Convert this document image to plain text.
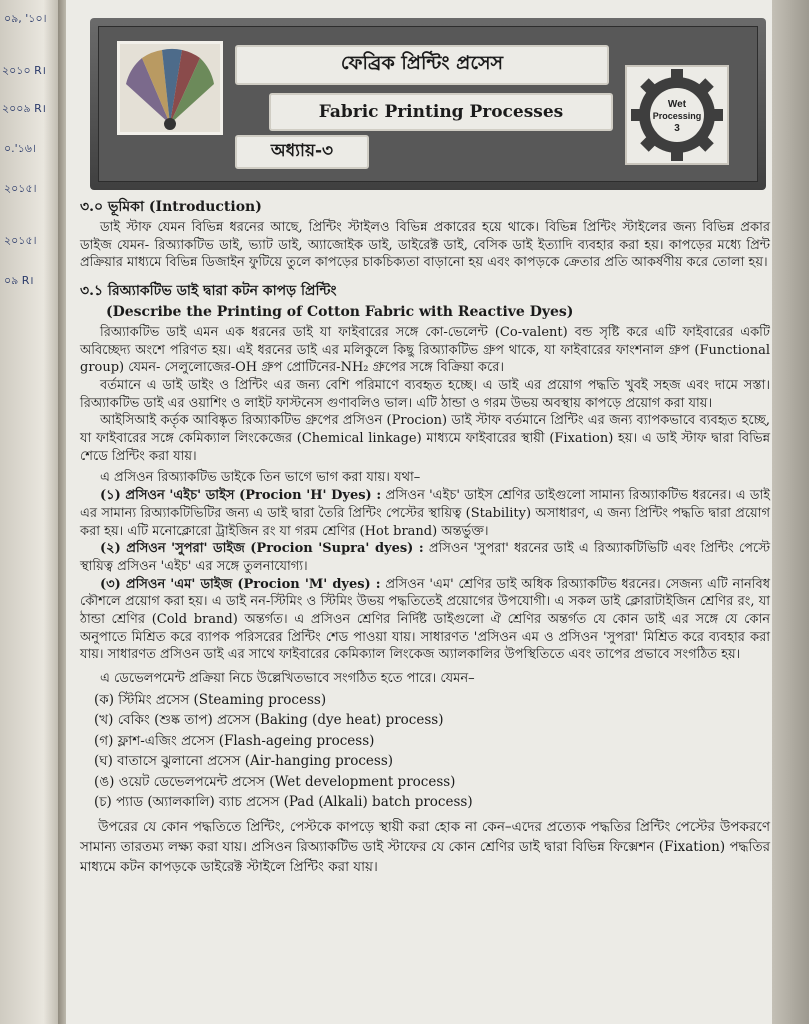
০৯, '১০।
২০১০ R।
২০০৯ R।
০.'১৬।
২০১৫।
২০১৫।
০৯ R।
ফেব্রিক প্রিন্টিং প্রসেস
Fabric Printing Processes
অধ্যায়-৩
Wet
Processing
3
৩.০ ভূমিকা (Introduction)

ডাই স্টাফ যেমন বিভিন্ন ধরনের আছে, প্রিন্টিং স্টাইলও বিভিন্ন প্রকারের হয়ে থাকে। বিভিন্ন প্রিন্টিং স্টাইলের জন্য বিভিন্ন প্রকার ডাইজ যেমন- রিঅ্যাকটিভ ডাই, ভ্যাট ডাই, অ্যাজোইক ডাই, ডাইরেক্ট ডাই, বেসিক ডাই ইত্যাদি ব্যবহার করা হয়। কাপড়ের মধ্যে প্রিন্ট প্রক্রিয়ার মাধ্যমে বিভিন্ন ডিজাইন ফুটিয়ে তুলে কাপড়ের চাকচিক্যতা বাড়ানো হয় এবং কাপড়কে ক্রেতার প্রতি আকর্ষণীয় করে তোলা হয়।

৩.১ রিঅ্যাকটিভ ডাই দ্বারা কটন কাপড় প্রিন্টিং
(Describe the Printing of Cotton Fabric with Reactive Dyes)

রিঅ্যাকটিভ ডাই এমন এক ধরনের ডাই যা ফাইবারের সঙ্গে কো-ভেলেন্ট (Co-valent) বন্ড সৃষ্টি করে এটি ফাইবারের একটি অবিচ্ছেদ্য অংশে পরিণত হয়। এই ধরনের ডাই এর মলিকুলে কিছু রিঅ্যাকটিভ গ্রুপ থাকে, যা ফাইবারের ফাংশনাল গ্রুপ (Functional group) যেমন- সেলুলোজের-OH গ্রুপ প্রোটিনের-NH₂ গ্রুপের সঙ্গে বিক্রিয়া করে।

বর্তমানে এ ডাই ডাইং ও প্রিন্টিং এর জন্য বেশি পরিমাণে ব্যবহৃত হচ্ছে। এ ডাই এর প্রয়োগ পদ্ধতি খুবই সহজ এবং দামে সস্তা। রিঅ্যাকটিভ ডাই এর ওয়াশিং ও লাইট ফাস্টনেস গুণাবলিও ভাল। এটি ঠান্ডা ও গরম উভয় অবস্থায় কাপড়ে প্রয়োগ করা যায়।

আইসিআই কর্তৃক আবিষ্কৃত রিঅ্যাকটিভ গ্রুপের প্রসিওন (Procion) ডাই স্টাফ বর্তমানে প্রিন্টিং এর জন্য ব্যাপকভাবে ব্যবহৃত হচ্ছে, যা ফাইবারের সঙ্গে কেমিক্যাল লিংকেজের (Chemical linkage) মাধ্যমে ফাইবারের স্থায়ী (Fixation) হয়। এ ডাই স্টাফ দ্বারা বিভিন্ন শেডে প্রিন্টিং করা যায়।

এ প্রসিওন রিঅ্যাকটিভ ডাইকে তিন ভাগে ভাগ করা যায়। যথা–

(১) প্রসিওন 'এইচ' ডাইস (Procion 'H' Dyes) : প্রসিওন 'এইচ' ডাইস শ্রেণির ডাইগুলো সামান্য রিঅ্যাকটিভ ধরনের। এ ডাই এর সামান্য রিঅ্যাকটিভিটির জন্য এ ডাই দ্বারা তৈরি প্রিন্টিং পেস্টের স্থায়িত্ব (Stability) অসাধারণ, এ জন্য প্রিন্টিং পদ্ধতি দ্বারা প্রয়োগ করা হয়। এটি মনোক্লোরো ট্রাইজিন রং যা গরম শ্রেণির (Hot brand) অন্তর্ভুক্ত।

(২) প্রসিওন 'সুপরা' ডাইজ (Procion 'Supra' dyes) : প্রসিওন 'সুপরা' ধরনের ডাই এ রিঅ্যাকটিভিটি এবং প্রিন্টিং পেস্টে স্থায়িত্ব প্রসিওন 'এইচ' এর সঙ্গে তুলনাযোগ্য।

(৩) প্রসিওন 'এম' ডাইজ (Procion 'M' dyes) : প্রসিওন 'এম' শ্রেণির ডাই অধিক রিঅ্যাকটিভ ধরনের। সেজন্য এটি নানবিধ কৌশলে প্রয়োগ করা হয়। এ ডাই নন-স্টিমিং ও স্টিমিং উভয় পদ্ধতিতেই প্রয়োগের উপযোগী। এ সকল ডাই ক্লোরাটাইজিন শ্রেণির রং, যা ঠান্ডা শ্রেণির (Cold brand) অন্তর্গত। এ প্রসিওন শ্রেণির নির্দিষ্ট ডাইগুলো ঐ শ্রেণির অন্তর্গত যে কোন ডাই এর সঙ্গে যে কোন অনুপাতে মিশ্রিত করে ব্যাপক পরিসরের প্রিন্টিং শেড পাওয়া যায়। সাধারণত 'প্রসিওন এম ও প্রসিওন 'সুপরা' মিশ্রিত করে ব্যবহার করা যায়। সাধারণত প্রসিওন ডাই এর সাথে ফাইবারের কেমিক্যাল লিংকেজ অ্যালকালির উপস্থিতিতে এবং তাপের প্রভাবে সংগঠিত হয়।

এ ডেভেলপমেন্ট প্রক্রিয়া নিচে উল্লেখিতভাবে সংগঠিত হতে পারে। যেমন–

(ক) স্টিমিং প্রসেস (Steaming process)
(খ) বেকিং (শুষ্ক তাপ) প্রসেস (Baking (dye heat) process)
(গ) ফ্লাশ-এজিং প্রসেস (Flash-ageing process)
(ঘ) বাতাসে ঝুলানো প্রসেস (Air-hanging process)
(ঙ) ওয়েট ডেভেলপমেন্ট প্রসেস (Wet development process)
(চ) প্যাড (অ্যালকালি) ব্যাচ প্রসেস (Pad (Alkali) batch process)

উপরের যে কোন পদ্ধতিতে প্রিন্টিং, পেস্টকে কাপড়ে স্থায়ী করা হোক না কেন–এদের প্রত্যেক পদ্ধতির প্রিন্টিং পেস্টের উপকরণে সামান্য তারতম্য লক্ষ্য করা যায়। প্রসিওন রিঅ্যাকটিভ ডাই স্টাফের যে কোন শ্রেণির ডাই দ্বারা বিভিন্ন ফিক্সেশন (Fixation) পদ্ধতির মাধ্যমে কটন কাপড়কে ডাইরেক্ট স্টাইলে প্রিন্টিং করা যায়।
